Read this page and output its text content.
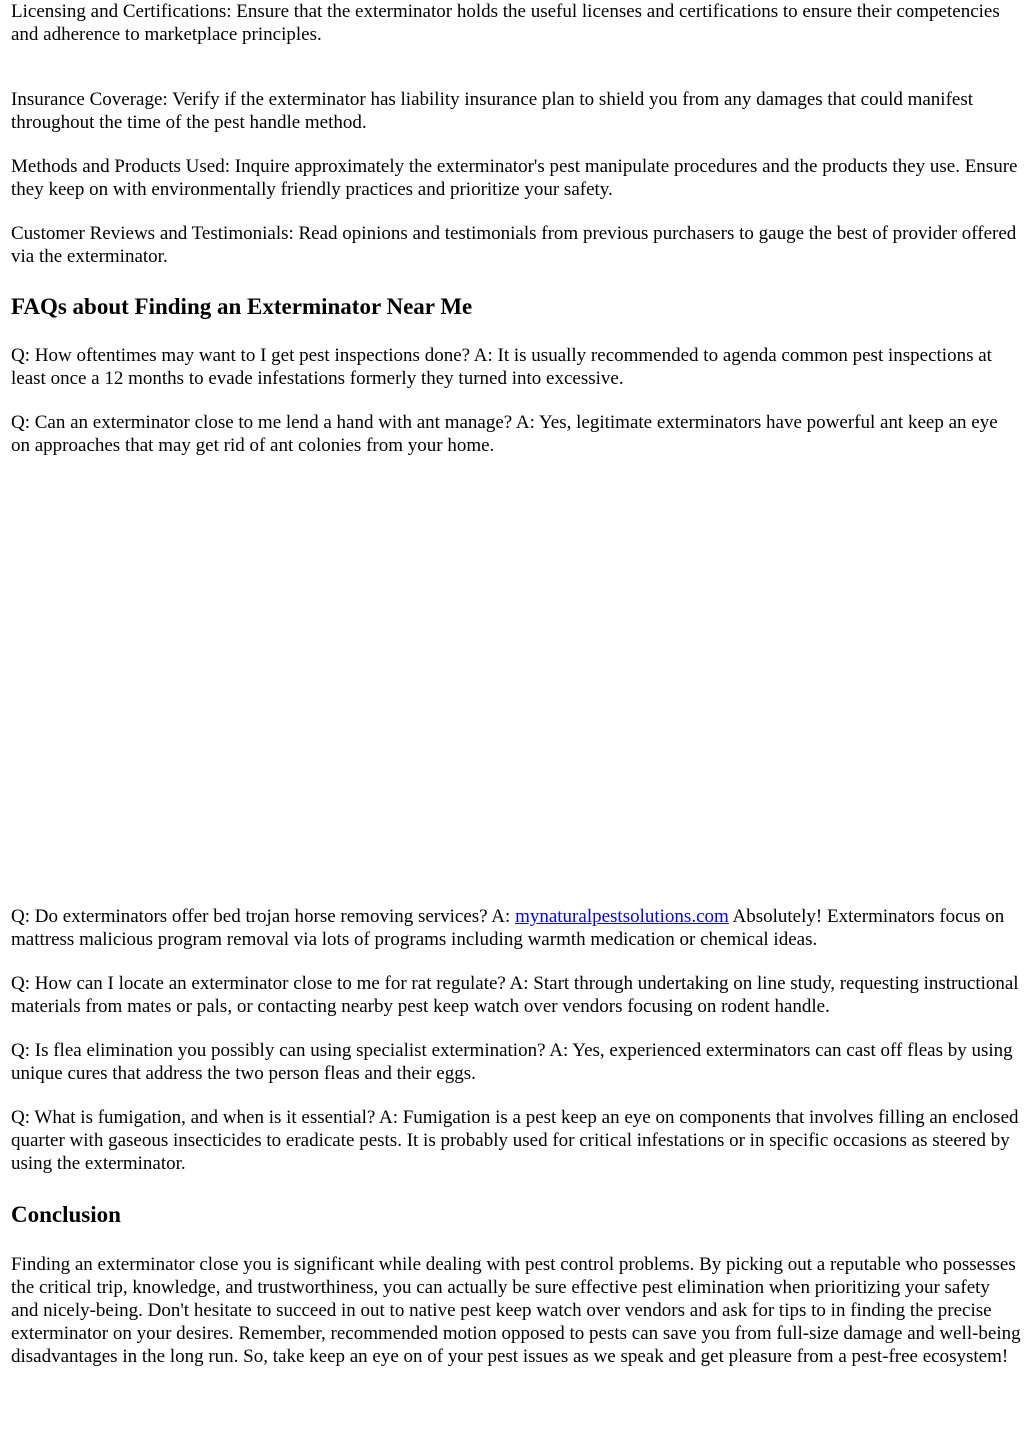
Licensing and Certifications: Ensure that the exterminator holds the useful licenses and certifications to ensure their competencies and adherence to marketplace principles.

Insurance Coverage: Verify if the exterminator has liability insurance plan to shield you from any damages that could manifest throughout the time of the pest handle method.

Methods and Products Used: Inquire approximately the exterminator's pest manipulate procedures and the products they use. Ensure they keep on with environmentally friendly practices and prioritize your safety.

Customer Reviews and Testimonials: Read opinions and testimonials from previous purchasers to gauge the best of provider offered via the exterminator.

FAQs about Finding an Exterminator Near Me

Q: How oftentimes may want to I get pest inspections done? A: It is usually recommended to agenda common pest inspections at least once a 12 months to evade infestations formerly they turned into excessive.

Q: Can an exterminator close to me lend a hand with ant manage? A: Yes, legitimate exterminators have powerful ant keep an eye on approaches that may get rid of ant colonies from your home.

Q: Do exterminators offer bed trojan horse removing services? A: mynaturalpestsolutions.com Absolutely! Exterminators focus on mattress malicious program removal via lots of programs including warmth medication or chemical ideas.

Q: How can I locate an exterminator close to me for rat regulate? A: Start through undertaking on line study, requesting instructional materials from mates or pals, or contacting nearby pest keep watch over vendors focusing on rodent handle.

Q: Is flea elimination you possibly can using specialist extermination? A: Yes, experienced exterminators can cast off fleas by using unique cures that address the two person fleas and their eggs.

Q: What is fumigation, and when is it essential? A: Fumigation is a pest keep an eye on components that involves filling an enclosed quarter with gaseous insecticides to eradicate pests. It is probably used for critical infestations or in specific occasions as steered by using the exterminator.

Conclusion

Finding an exterminator close you is significant while dealing with pest control problems. By picking out a reputable who possesses the critical trip, knowledge, and trustworthiness, you can actually be sure effective pest elimination when prioritizing your safety and nicely-being. Don't hesitate to succeed in out to native pest keep watch over vendors and ask for tips to in finding the precise exterminator on your desires. Remember, recommended motion opposed to pests can save you from full-size damage and well-being disadvantages in the long run. So, take keep an eye on of your pest issues as we speak and get pleasure from a pest-free ecosystem!
